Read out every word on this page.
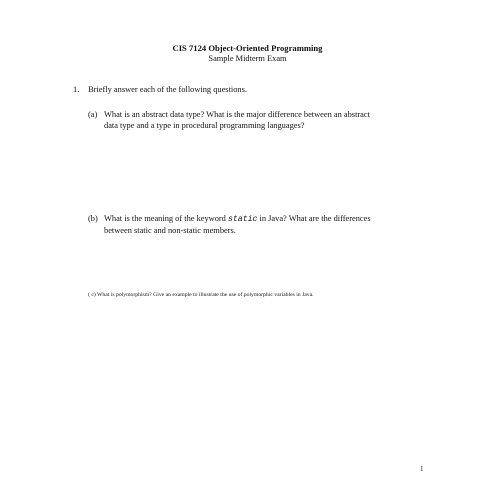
CIS 7124 Object-Oriented Programming
Sample Midterm Exam
1. Briefly answer each of the following questions.
(a) What is an abstract data type? What is the major difference between an abstract
data type and a type in procedural programming languages?
(b) What is the meaning of the keyword static in Java? What are the differences
between static and non-static members.
( c) What is polymorphism? Give an example to illustrate the use of polymorphic variables in Java.
1
